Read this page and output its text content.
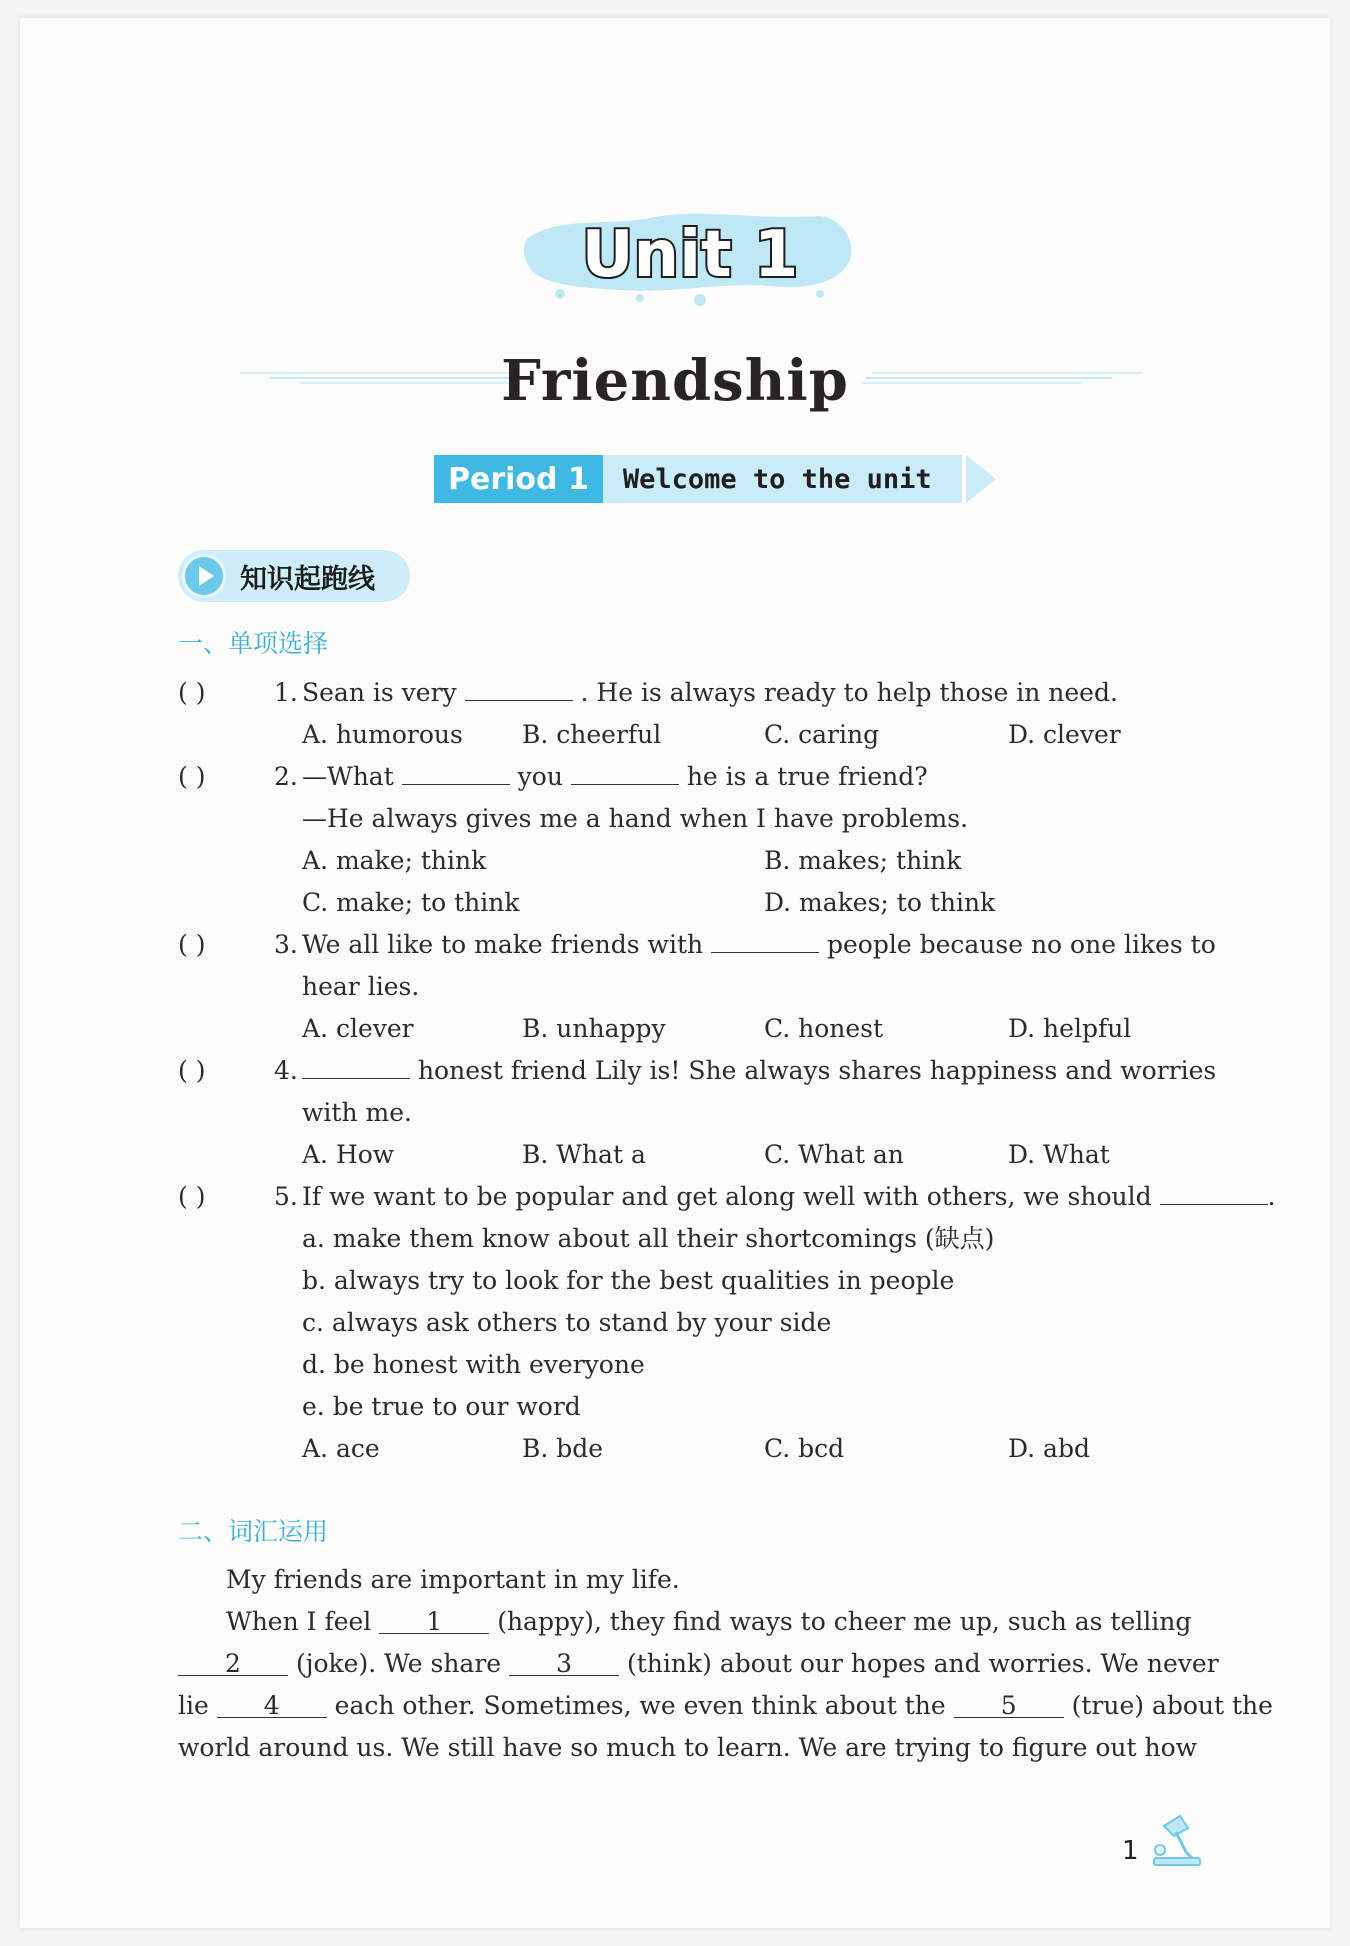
Unit 1
Friendship
Period 1	Welcome to the unit
知识起跑线
一、单项选择
( )	1. Sean is very	. He is always ready to help those in need.
A. humorous B. cheerful	C. caring	D. clever
( )	2. —What	you	he is a true friend?
—He always gives me a hand when I have problems.
A. make; think	B. makes; think
C. make; to think	D. makes; to think
( )	3. We all like to make friends with	people because no one likes to
hear lies.
A. clever	B. unhappy	C. honest	D. helpful
( )	4.	honest friend Lily is! She always shares happiness and worries
with me.
A. How	B. What a	C. What an	D. What
( )	5. If we want to be popular and get along well with others, we should	.
a. make them know about all their shortcomings (缺点)
b. always try to look for the best qualities in people
c. always ask others to stand by your side
d. be honest with everyone
e. be true to our word
A. ace	B. bde	C. bcd	D. abd
二、词汇运用
My friends are important in my life.
When I feel 1 (happy), they find ways to cheer me up, such as telling
2 (joke). We share 3 (think) about our hopes and worries. We never
lie 4 each other. Sometimes, we even think about the 5 (true) about the
world around us. We still have so much to learn. We are trying to figure out how
1
